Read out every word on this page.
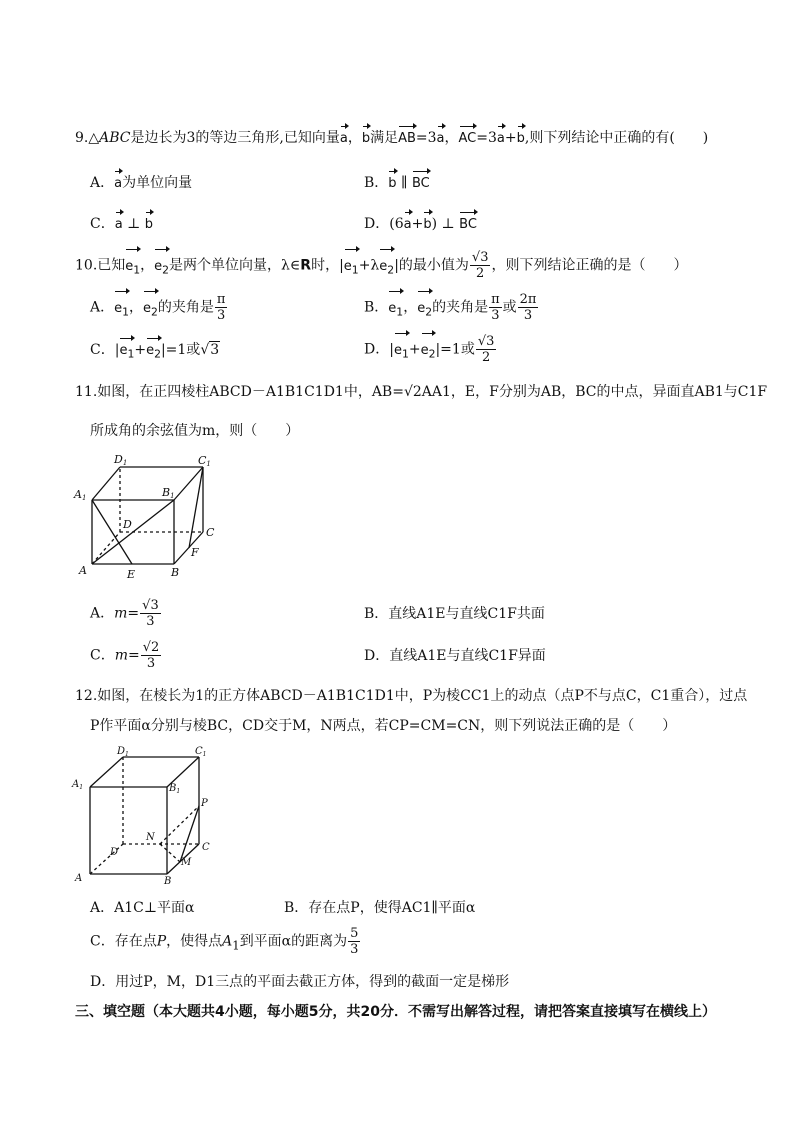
9.△ABC是边长为3的等边三角形,已知向量a，b满足AB=3a，AC=3a+b,则下列结论中正确的有(　　)
A．a为单位向量	B．b ∥ BC
C．a ⊥ b	D．(6a+b) ⊥ BC
10.已知$e_1$，$e_2$是两个单位向量，λ∈R时，$|e_1+\lambda e_2|$的最小值为 $\frac{√3}{2}$ ，则下列结论正确的是（　　）
A．$e_1$，$e_2$的夹角是 $\frac{\pi}{3}$	B．$e_1$，$e_2$的夹角是 $\frac{\pi}{3}$ 或 $\frac{2\pi}{3}$
C．$|e_1+e_2|=1$或√3	D．$|e_1+e_2|=1$或 $\frac{√3}{2}$
11.如图，在正四棱柱ABCD－A1B1C1D1中，AB=√2AA1，E，F分别为AB，BC的中点，异面直AB1与C1F
所成角的余弦值为m，则（　　）
D1	C1
A1	B1
D
C
F
A	E	B
A．$m= \frac{√3}{3}$	B．直线A1E与直线C1F共面
C．$m= \frac{√2}{3}$	D．直线A1E与直线C1F异面
12.如图，在棱长为1的正方体ABCD－A1B1C1D1中，P为棱CC1上的动点（点P不与点C，C1重合），过点
P作平面α分别与棱BC，CD交于M，N两点，若CP=CM=CN，则下列说法正确的是（　　）
$D_1$	$C_1$
$A_1$	$B_1$
P
N
D	C
M
A	B
A．A1C⊥平面α	B．存在点P，使得AC1∥平面α
C．存在点P，使得点$A_1$到平面α的距离为 $\frac{5}{3}$
D．用过P，M，D1三点的平面去截正方体，得到的截面一定是梯形
三、填空题（本大题共4小题，每小题5分，共20分．不需写出解答过程，请把答案直接填写在横线上）
